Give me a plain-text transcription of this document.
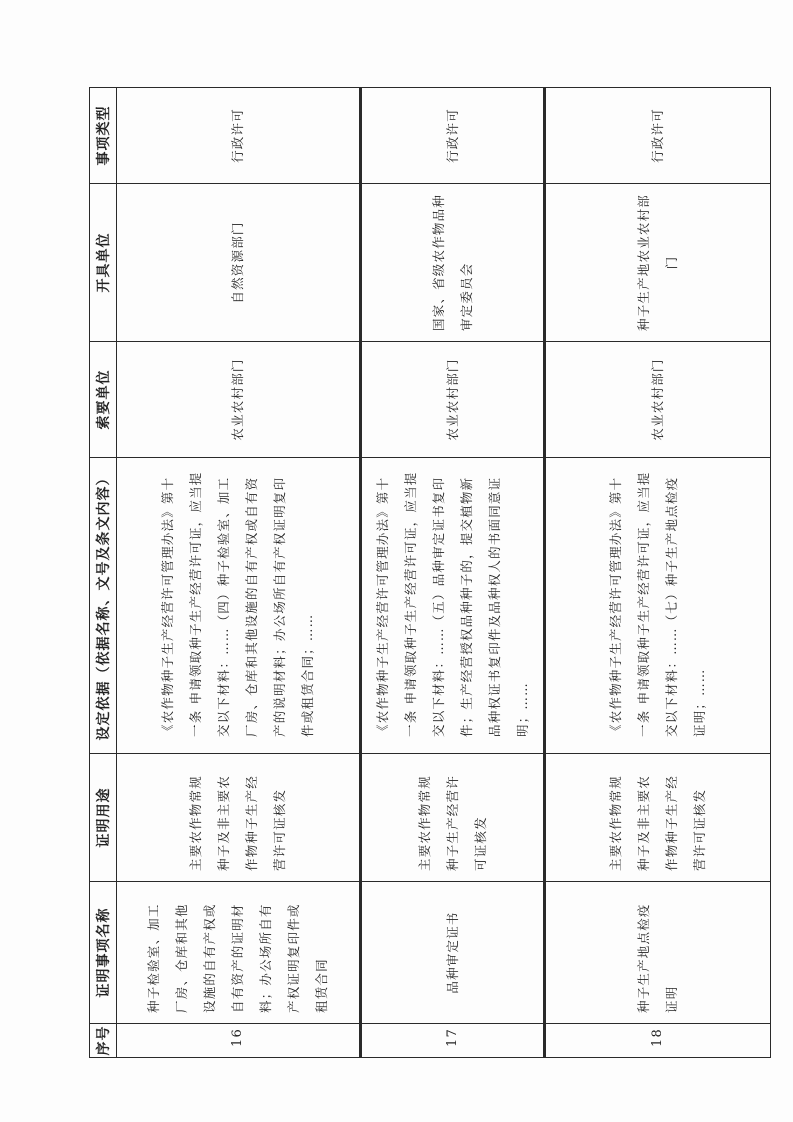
序号	证明事项名称	证明用途	设定依据（依据名称、文号及条文内容）	索要单位	开具单位	事项类型

16	种子检验室、加工厂房、仓库和其他设施的自有产权或自有资产的证明材料；办公场所自有产权证明复印件或租赁合同	主要农作物常规种子及非主要农作物种子生产经营许可证核发	《农作物种子生产经营许可管理办法》第十一条 申请领取种子生产经营许可证，应当提交以下材料：……（四）种子检验室、加工厂房、仓库和其他设施的自有产权或自有资产的说明材料；办公场所自有产权证明复印件或租赁合同；……	农业农村部门	自然资源部门	行政许可

17	品种审定证书	主要农作物常规种子生产经营许可证核发	《农作物种子生产经营许可管理办法》第十一条 申请领取种子生产经营许可证，应当提交以下材料：……（五）品种审定证书复印件；生产经营授权品种种子的，提交植物新品种权证书复印件及品种权人的书面同意证明；……	农业农村部门	国家、省级农作物品种审定委员会	行政许可

18	种子生产地点检疫证明	主要农作物常规种子及非主要农作物种子生产经营许可证核发	《农作物种子生产经营许可管理办法》第十一条 申请领取种子生产经营许可证，应当提交以下材料：……（七）种子生产地点检疫证明；……	农业农村部门	种子生产地农业农村部门	行政许可
